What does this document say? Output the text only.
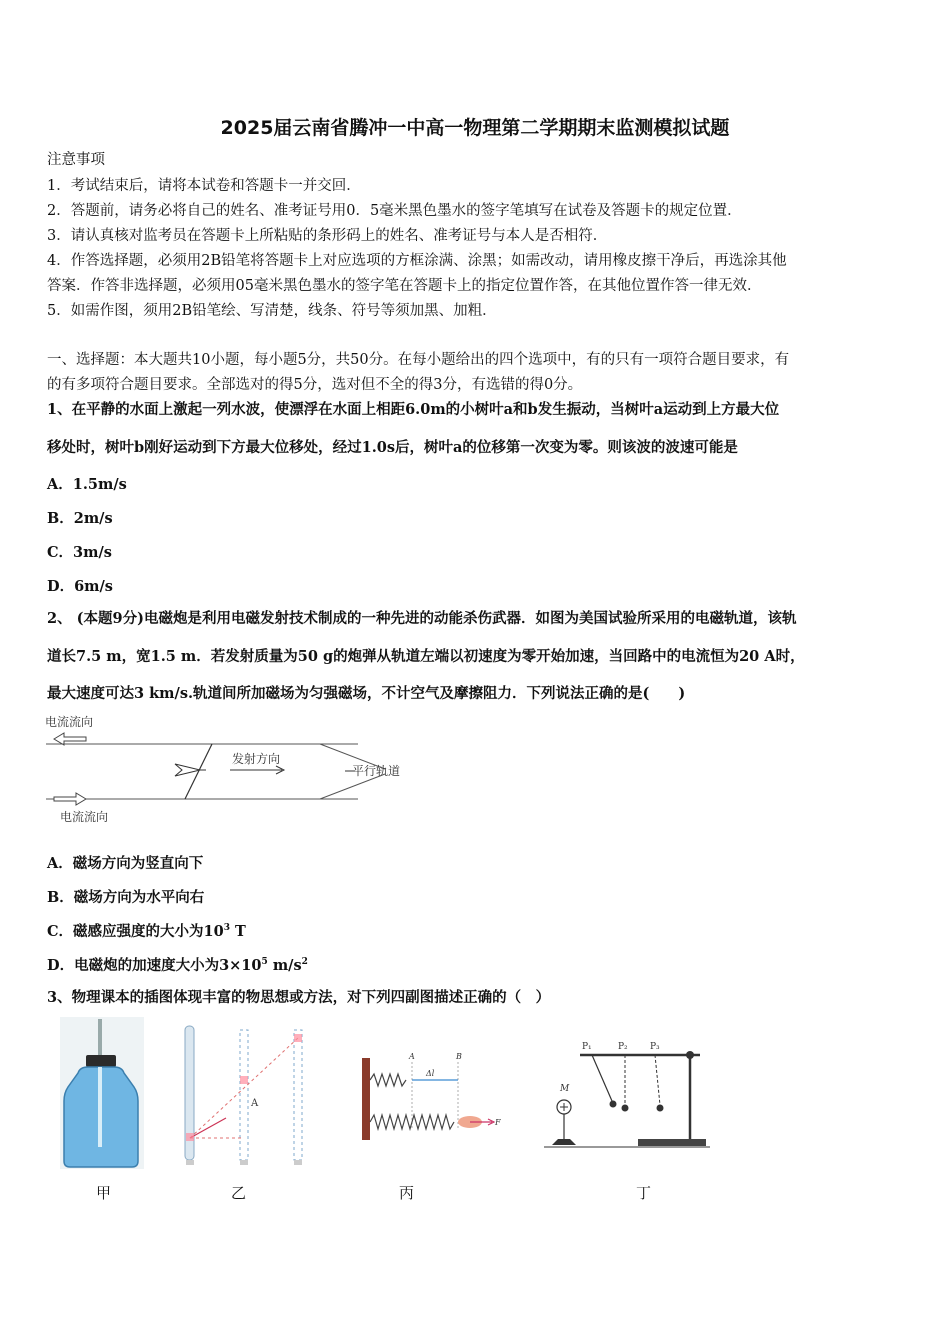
2025届云南省腾冲一中高一物理第二学期期末监测模拟试题
注意事项
1．考试结束后，请将本试卷和答题卡一并交回．
2．答题前，请务必将自己的姓名、准考证号用0．5毫米黑色墨水的签字笔填写在试卷及答题卡的规定位置．
3．请认真核对监考员在答题卡上所粘贴的条形码上的姓名、准考证号与本人是否相符．
4．作答选择题，必须用2B铅笔将答题卡上对应选项的方框涂满、涂黑；如需改动，请用橡皮擦干净后，再选涂其他
答案．作答非选择题，必须用05毫米黑色墨水的签字笔在答题卡上的指定位置作答，在其他位置作答一律无效．
5．如需作图，须用2B铅笔绘、写清楚，线条、符号等须加黑、加粗．
一、选择题：本大题共10小题，每小题5分，共50分。在每小题给出的四个选项中，有的只有一项符合题目要求，有
的有多项符合题目要求。全部选对的得5分，选对但不全的得3分，有选错的得0分。
1、在平静的水面上激起一列水波，使漂浮在水面上相距6.0m的小树叶a和b发生振动，当树叶a运动到上方最大位
移处时，树叶b刚好运动到下方最大位移处，经过1.0s后，树叶a的位移第一次变为零。则该波的波速可能是
A．1.5m/s
B．2m/s
C．3m/s
D．6m/s
2、 (本题9分)电磁炮是利用电磁发射技术制成的一种先进的动能杀伤武器．如图为美国试验所采用的电磁轨道，该轨
道长7.5 m，宽1.5 m．若发射质量为50 g的炮弹从轨道左端以初速度为零开始加速，当回路中的电流恒为20 A时，
最大速度可达3 km/s.轨道间所加磁场为匀强磁场，不计空气及摩擦阻力．下列说法正确的是(　　)
电流流向
发射方向
平行轨道
电流流向
A．磁场方向为竖直向下
B．磁场方向为水平向右
C．磁感应强度的大小为$10^3$ T
D．电磁炮的加速度大小为$3\times 10^5$ $m/s^2$
3、物理课本的插图体现丰富的物思想或方法，对下列四副图描述正确的（　）
A
A	B
Δl
F
P₁	P₂ P₃
M
甲	乙	丙	丁
